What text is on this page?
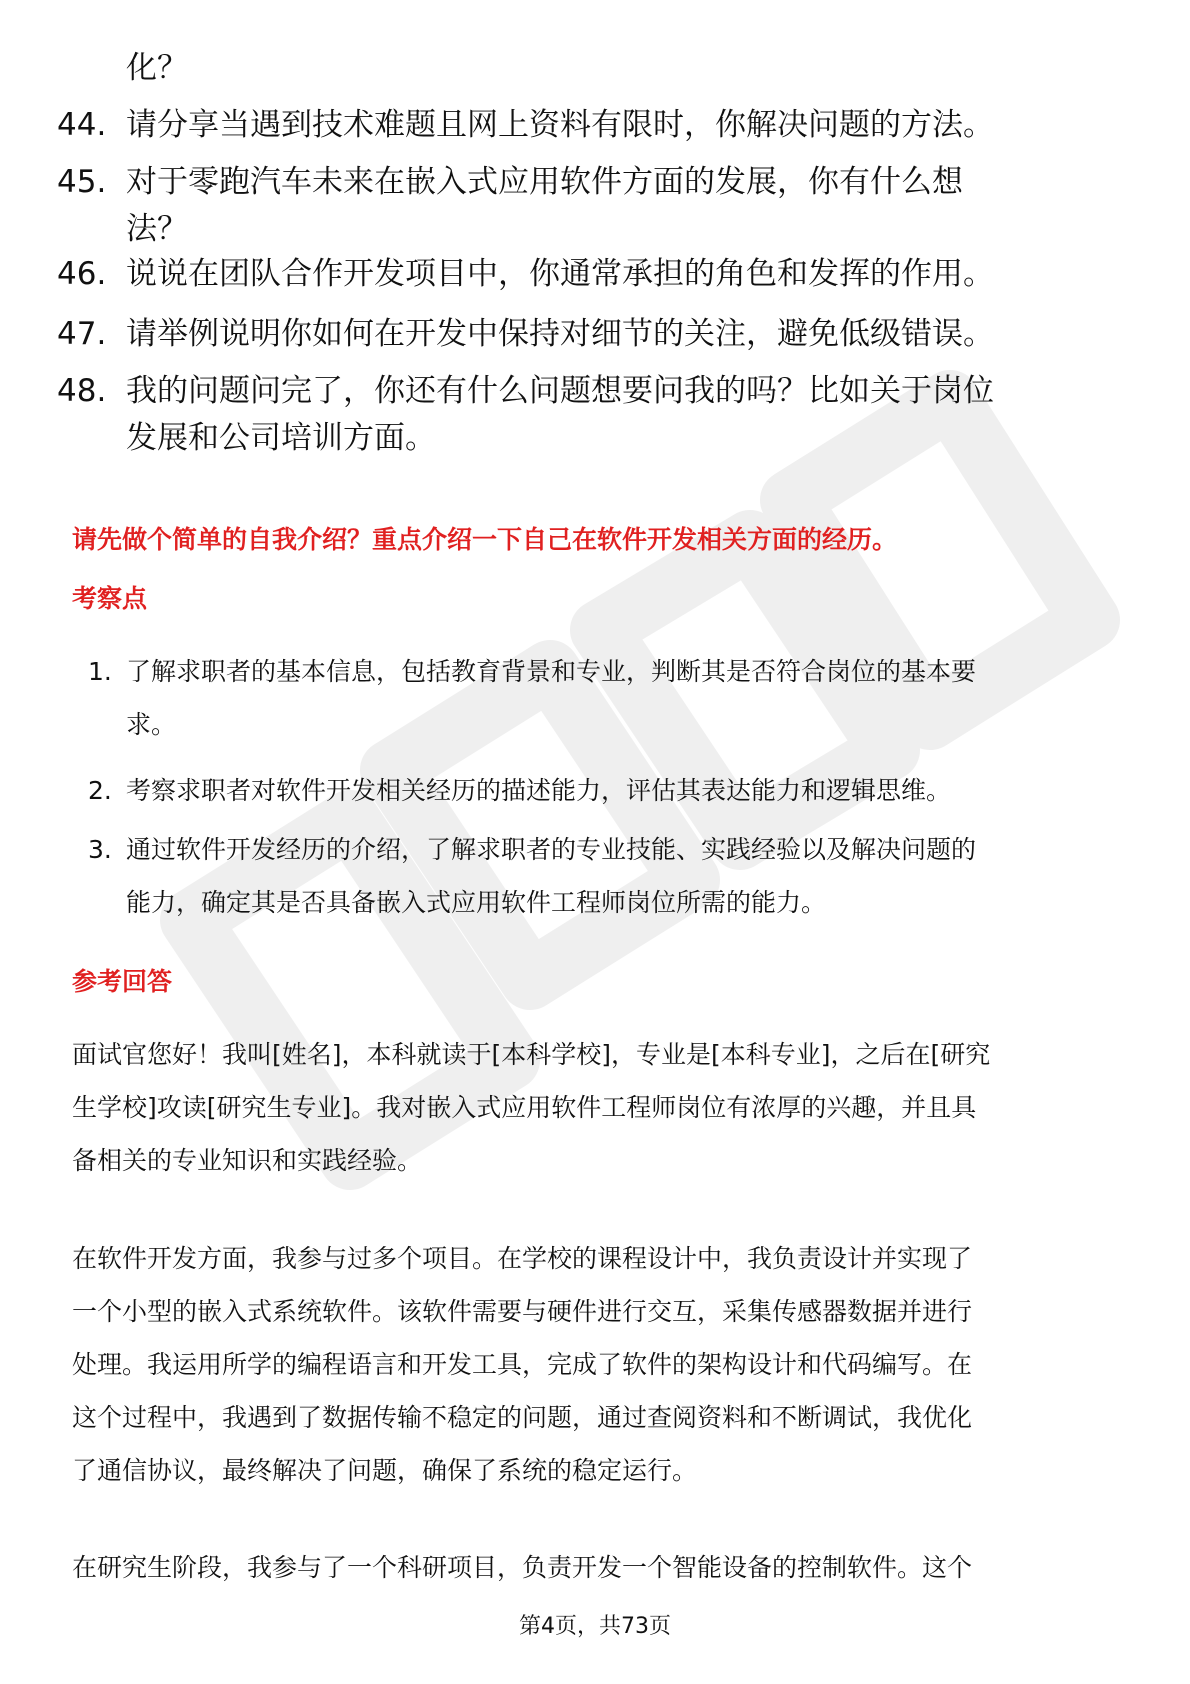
化？
44. 请分享当遇到技术难题且网上资料有限时，你解决问题的方法。
45. 对于零跑汽车未来在嵌入式应用软件方面的发展，你有什么想
法？
46. 说说在团队合作开发项目中，你通常承担的角色和发挥的作用。
47. 请举例说明你如何在开发中保持对细节的关注，避免低级错误。
48. 我的问题问完了，你还有什么问题想要问我的吗？比如关于岗位
发展和公司培训方面。
请先做个简单的自我介绍？重点介绍一下自己在软件开发相关方面的经历。
考察点
1. 了解求职者的基本信息，包括教育背景和专业，判断其是否符合岗位的基本要
求。
2. 考察求职者对软件开发相关经历的描述能力，评估其表达能力和逻辑思维。
3. 通过软件开发经历的介绍，了解求职者的专业技能、实践经验以及解决问题的
能力，确定其是否具备嵌入式应用软件工程师岗位所需的能力。
参考回答
面试官您好！我叫[姓名]，本科就读于[本科学校]，专业是[本科专业]，之后在[研究
生学校]攻读[研究生专业]。我对嵌入式应用软件工程师岗位有浓厚的兴趣，并且具
备相关的专业知识和实践经验。
在软件开发方面，我参与过多个项目。在学校的课程设计中，我负责设计并实现了
一个小型的嵌入式系统软件。该软件需要与硬件进行交互，采集传感器数据并进行
处理。我运用所学的编程语言和开发工具，完成了软件的架构设计和代码编写。在
这个过程中，我遇到了数据传输不稳定的问题，通过查阅资料和不断调试，我优化
了通信协议，最终解决了问题，确保了系统的稳定运行。
在研究生阶段，我参与了一个科研项目，负责开发一个智能设备的控制软件。这个
第4页，共73页
